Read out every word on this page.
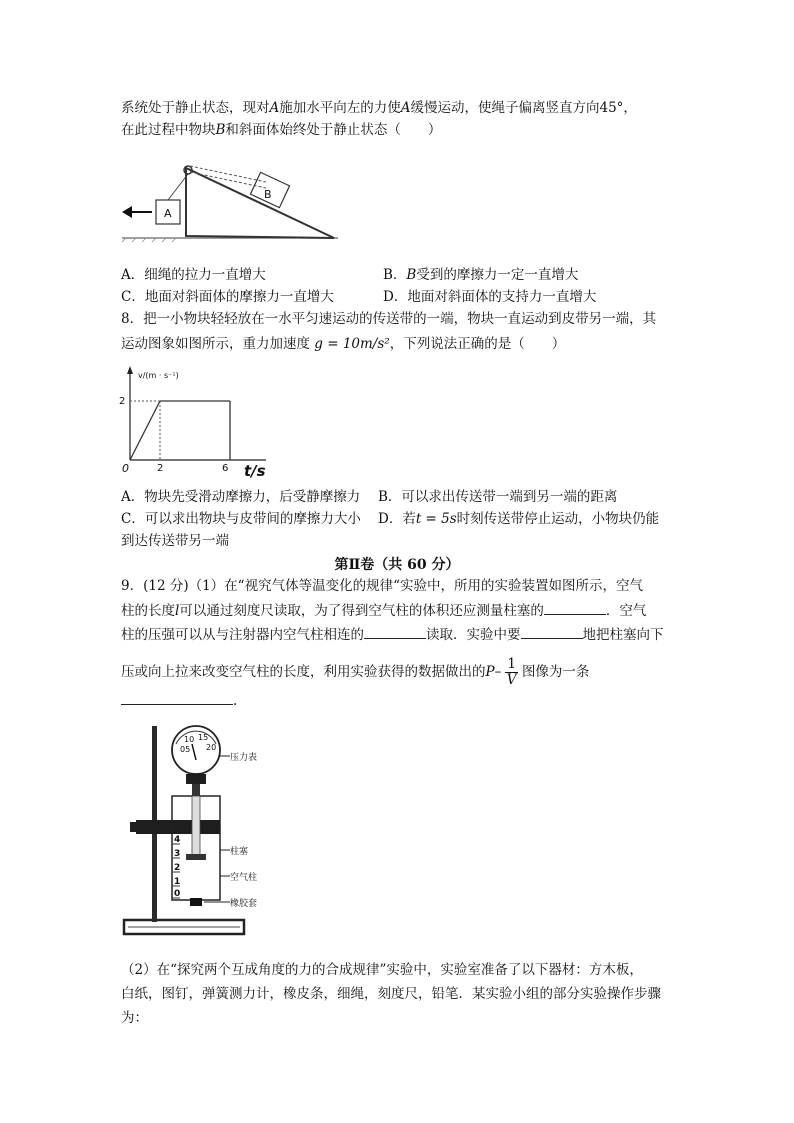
系统处于静止状态，现对A施加水平向左的力使A缓慢运动，使绳子偏离竖直方向45°，
在此过程中物块B和斜面体始终处于静止状态（　　）
A
B
A．细绳的拉力一直增大	B．B受到的摩擦力一定一直增大
C．地面对斜面体的摩擦力一直增大	D．地面对斜面体的支持力一直增大
8．把一小物块轻轻放在一水平匀速运动的传送带的一端，物块一直运动到皮带另一端，其
运动图象如图所示，重力加速度 g = 10m/s²，下列说法正确的是（　　）
v/(m · s⁻¹)
2
0	2	6 t/s
A．物块先受滑动摩擦力，后受静摩擦力 B．可以求出传送带一端到另一端的距离
C．可以求出物块与皮带间的摩擦力大小 D．若t = 5s时刻传送带停止运动，小物块仍能
到达传送带另一端
第Ⅱ卷（共 60 分）
9．(12 分)（1）在“视究气体等温变化的规律“实验中，所用的实验装置如图所示，空气
柱的长度l可以通过刻度尺读取，为了得到空气柱的体积还应测量柱塞的	．空气
柱的压强可以从与注射器内空气柱相连的	读取．实验中要	地把柱塞向下
压或向上拉来改变空气柱的长度，利用实验获得的数据做出的$P- \frac{1}{V}$ 图像为一条
.
05
10 15
20
压力表
4
3
2
1
0
柱塞
空气柱
橡胶套
（2）在“探究两个互成角度的力的合成规律”实验中，实验室准备了以下器材：方木板，
白纸，图钉，弹簧测力计，橡皮条，细绳，刻度尺，铅笔．某实验小组的部分实验操作步骤
为：
